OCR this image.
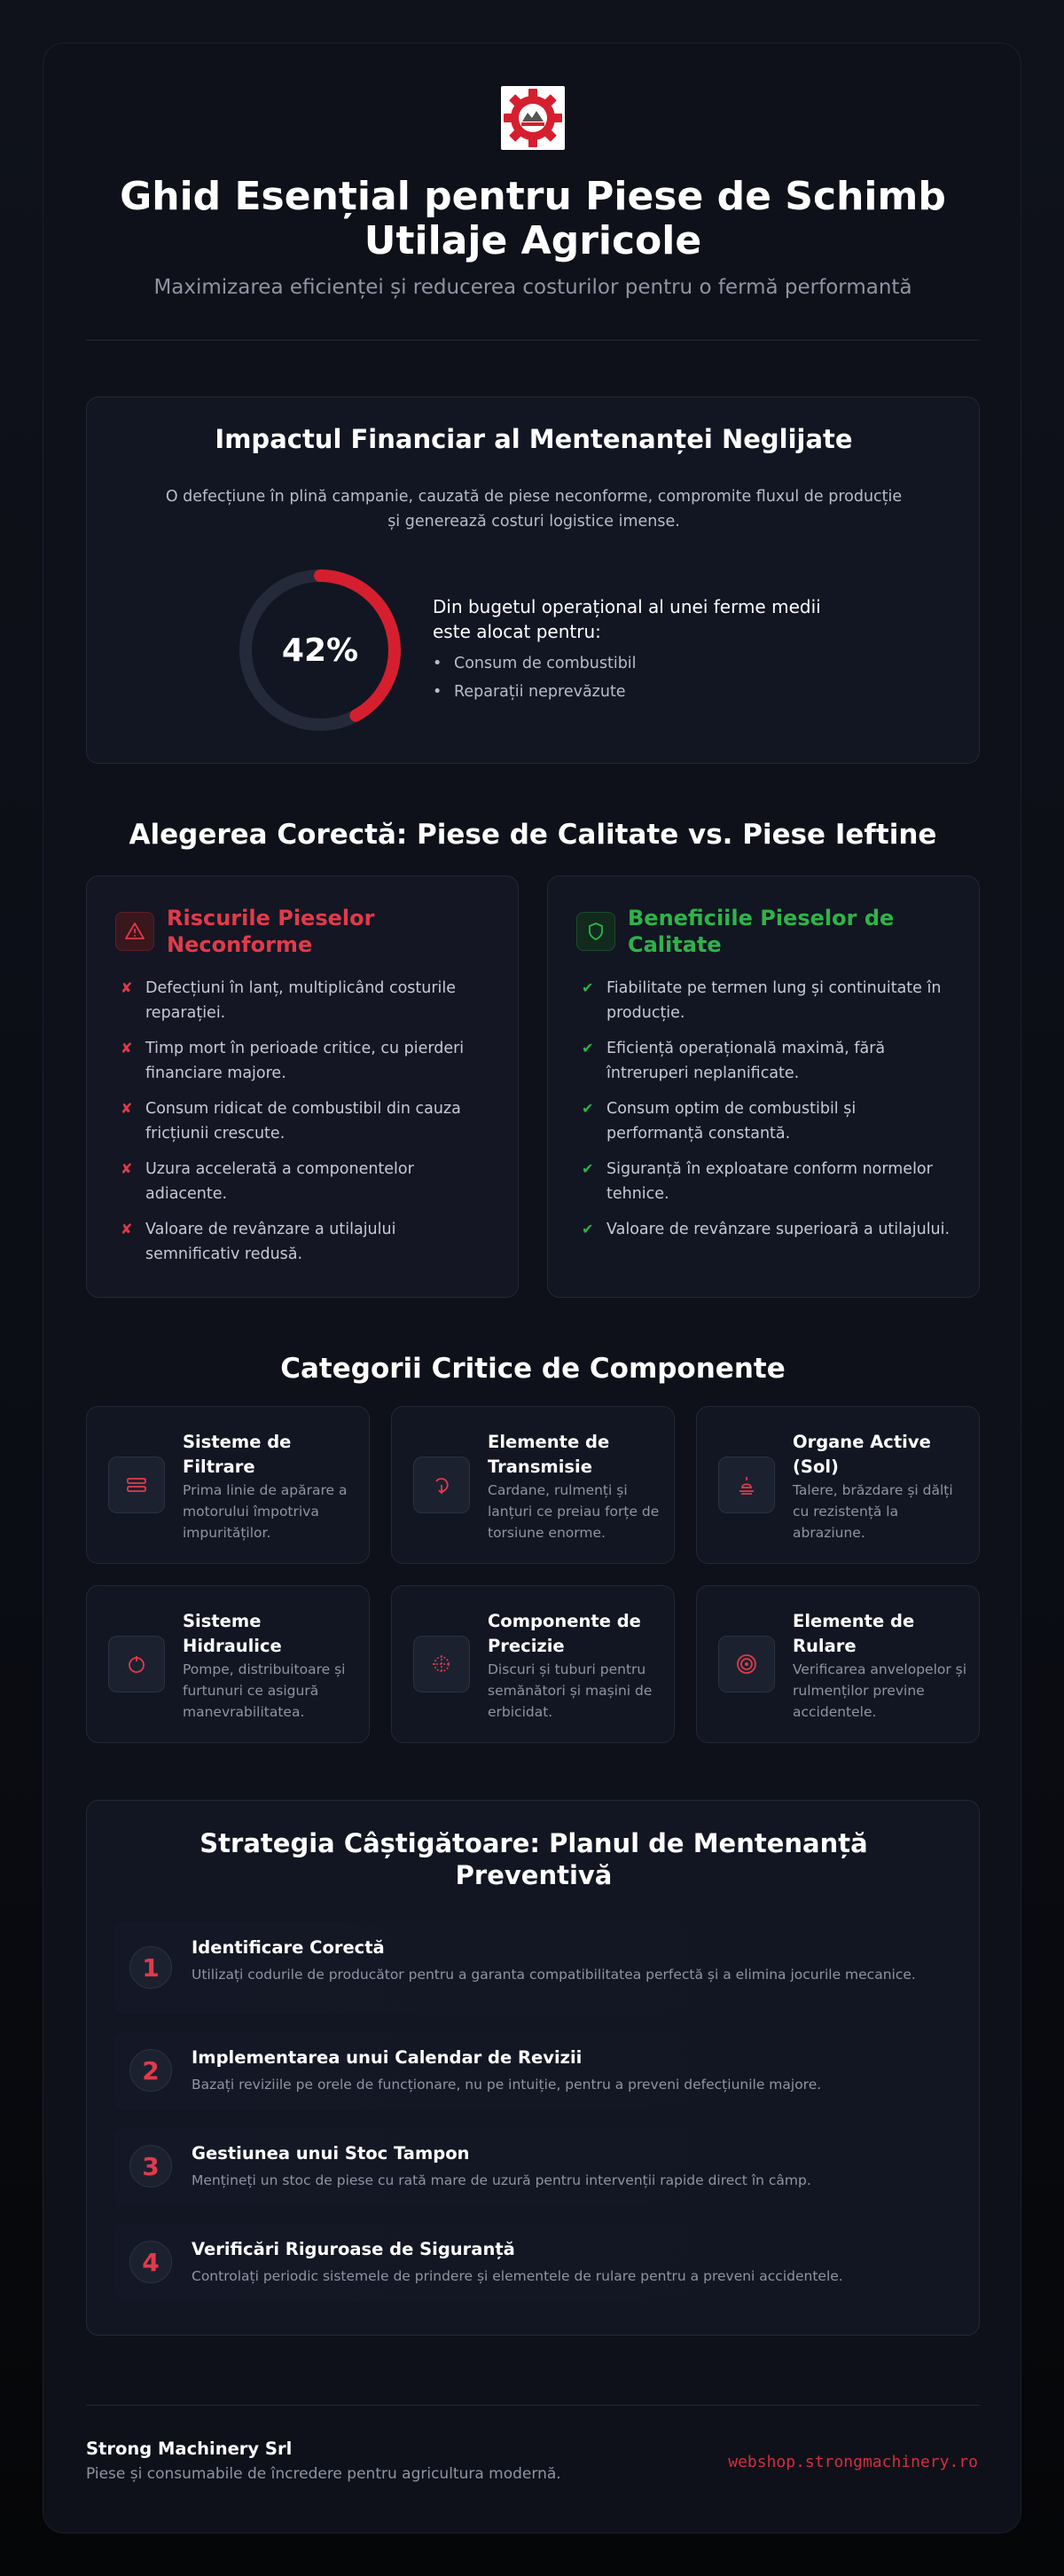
Ghid Esențial pentru Piese de Schimb Utilaje Agricole
Maximizarea eficienței și reducerea costurilor pentru o fermă performantă
Impactul Financiar al Mentenanței Neglijate
O defecțiune în plină campanie, cauzată de piese neconforme, compromite fluxul de producție și generează costuri logistice imense.
42%
Din bugetul operațional al unei ferme medii este alocat pentru:
• Consum de combustibil
• Reparații neprevăzute
Alegerea Corectă: Piese de Calitate vs. Piese Ieftine
Riscurile Pieselor Neconforme
✘ Defecțiuni în lanț, multiplicând costurile reparației.
✘ Timp mort în perioade critice, cu pierderi financiare majore.
✘ Consum ridicat de combustibil din cauza fricțiunii crescute.
✘ Uzura accelerată a componentelor adiacente.
✘ Valoare de revânzare a utilajului semnificativ redusă.
Beneficiile Pieselor de Calitate
✔ Fiabilitate pe termen lung și continuitate în producție.
✔ Eficiență operațională maximă, fără întreruperi neplanificate.
✔ Consum optim de combustibil și performanță constantă.
✔ Siguranță în exploatare conform normelor tehnice.
✔ Valoare de revânzare superioară a utilajului.
Categorii Critice de Componente
Sisteme de Filtrare
Prima linie de apărare a motorului împotriva impurităților.
Elemente de Transmisie
Cardane, rulmenți și lanțuri ce preiau forțe de torsiune enorme.
Organe Active (Sol)
Talere, brăzdare și dălți cu rezistență la abraziune.
Sisteme Hidraulice
Pompe, distribuitoare și furtunuri ce asigură manevrabilitatea.
Componente de Precizie
Discuri și tuburi pentru semănători și mașini de erbicidat.
Elemente de Rulare
Verificarea anvelopelor și rulmenților previne accidentele.
Strategia Câștigătoare: Planul de Mentenanță Preventivă
1
Identificare Corectă
Utilizați codurile de producător pentru a garanta compatibilitatea perfectă și a elimina jocurile mecanice.
2	Implementarea unui Calendar de Revizii
Bazați reviziile pe orele de funcționare, nu pe intuiție, pentru a preveni defecțiunile majore.
3	Gestiunea unui Stoc Tampon
Mențineți un stoc de piese cu rată mare de uzură pentru intervenții rapide direct în câmp.
4	Verificări Riguroase de Siguranță
Controlați periodic sistemele de prindere și elementele de rulare pentru a preveni accidentele.
Strong Machinery Srl
Piese și consumabile de încredere pentru agricultura modernă.
webshop.strongmachinery.ro
